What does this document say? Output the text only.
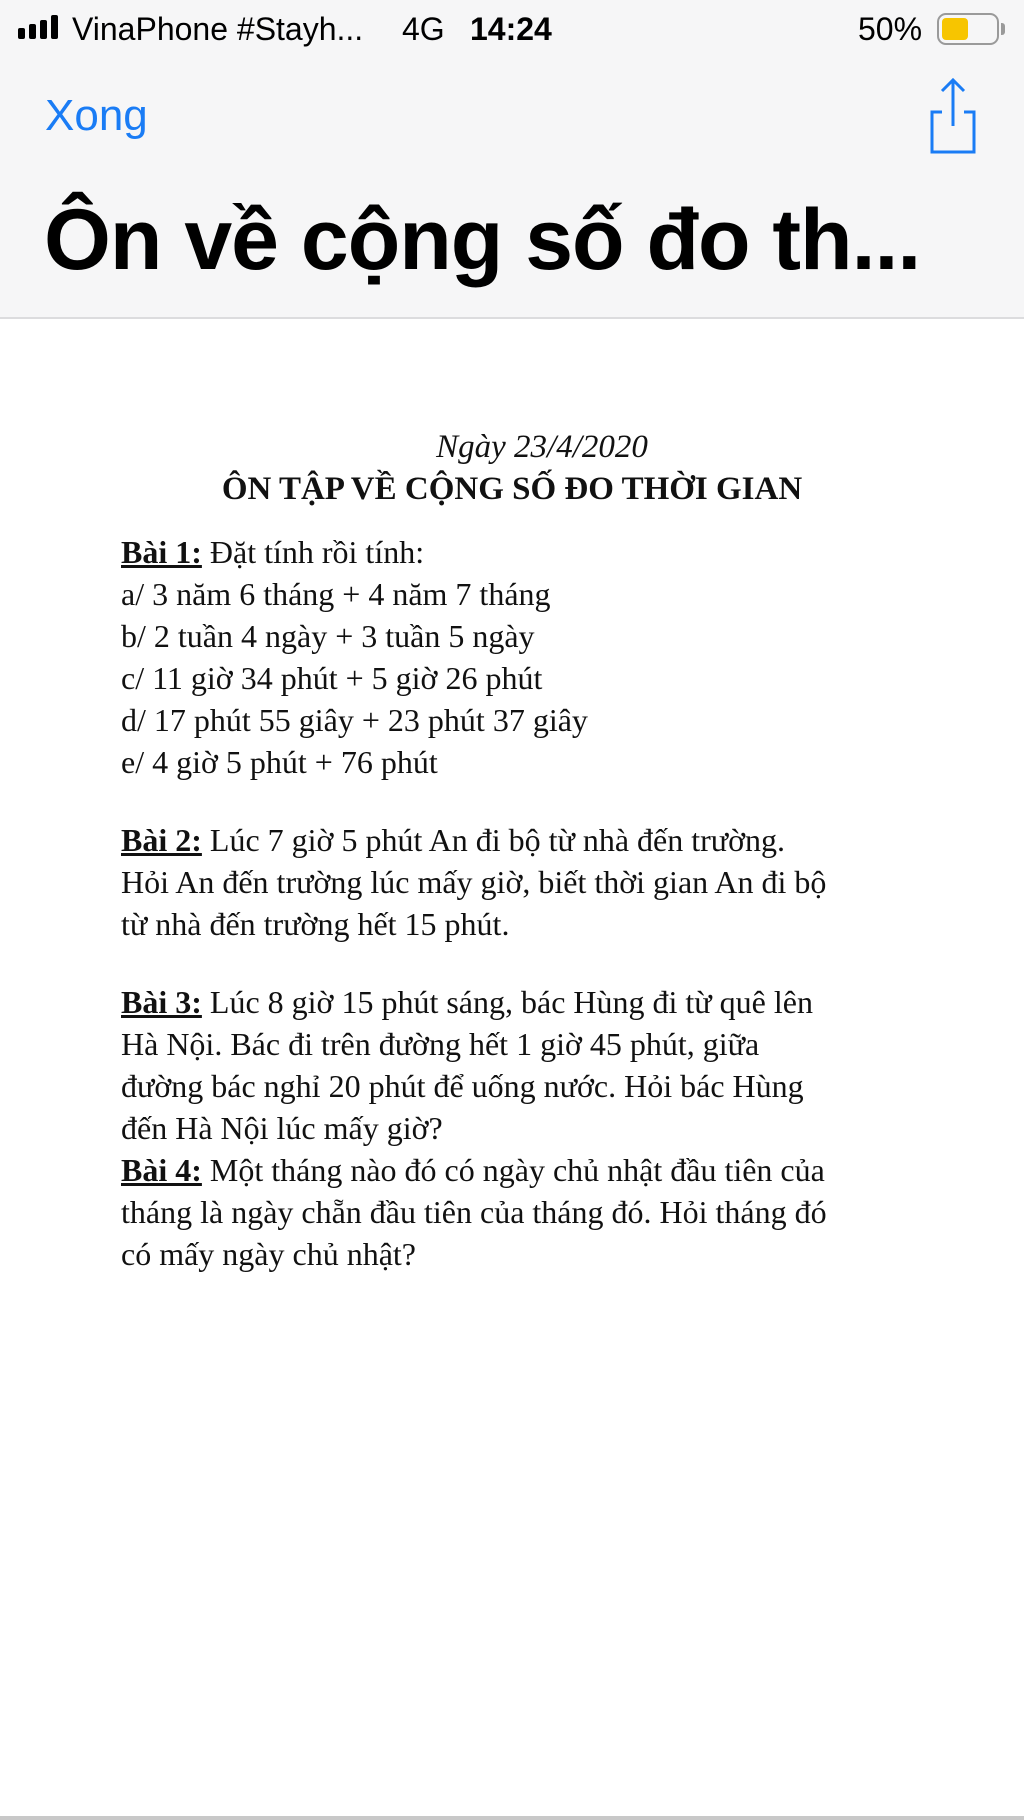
VinaPhone #Stayh... 4G 14:24	50%
Xong
Ôn về cộng số đo th...
Ngày 23/4/2020
ÔN TẬP VỀ CỘNG SỐ ĐO THỜI GIAN
Bài 1: Đặt tính rồi tính:
a/ 3 năm 6 tháng + 4 năm 7 tháng
b/ 2 tuần 4 ngày + 3 tuần 5 ngày
c/ 11 giờ 34 phút + 5 giờ 26 phút
d/ 17 phút 55 giây + 23 phút 37 giây
e/ 4 giờ 5 phút + 76 phút
Bài 2: Lúc 7 giờ 5 phút An đi bộ từ nhà đến trường.
Hỏi An đến trường lúc mấy giờ, biết thời gian An đi bộ
từ nhà đến trường hết 15 phút.
Bài 3: Lúc 8 giờ 15 phút sáng, bác Hùng đi từ quê lên
Hà Nội. Bác đi trên đường hết 1 giờ 45 phút, giữa
đường bác nghỉ 20 phút để uống nước. Hỏi bác Hùng
đến Hà Nội lúc mấy giờ?
Bài 4: Một tháng nào đó có ngày chủ nhật đầu tiên của
tháng là ngày chẵn đầu tiên của tháng đó. Hỏi tháng đó
có mấy ngày chủ nhật?
